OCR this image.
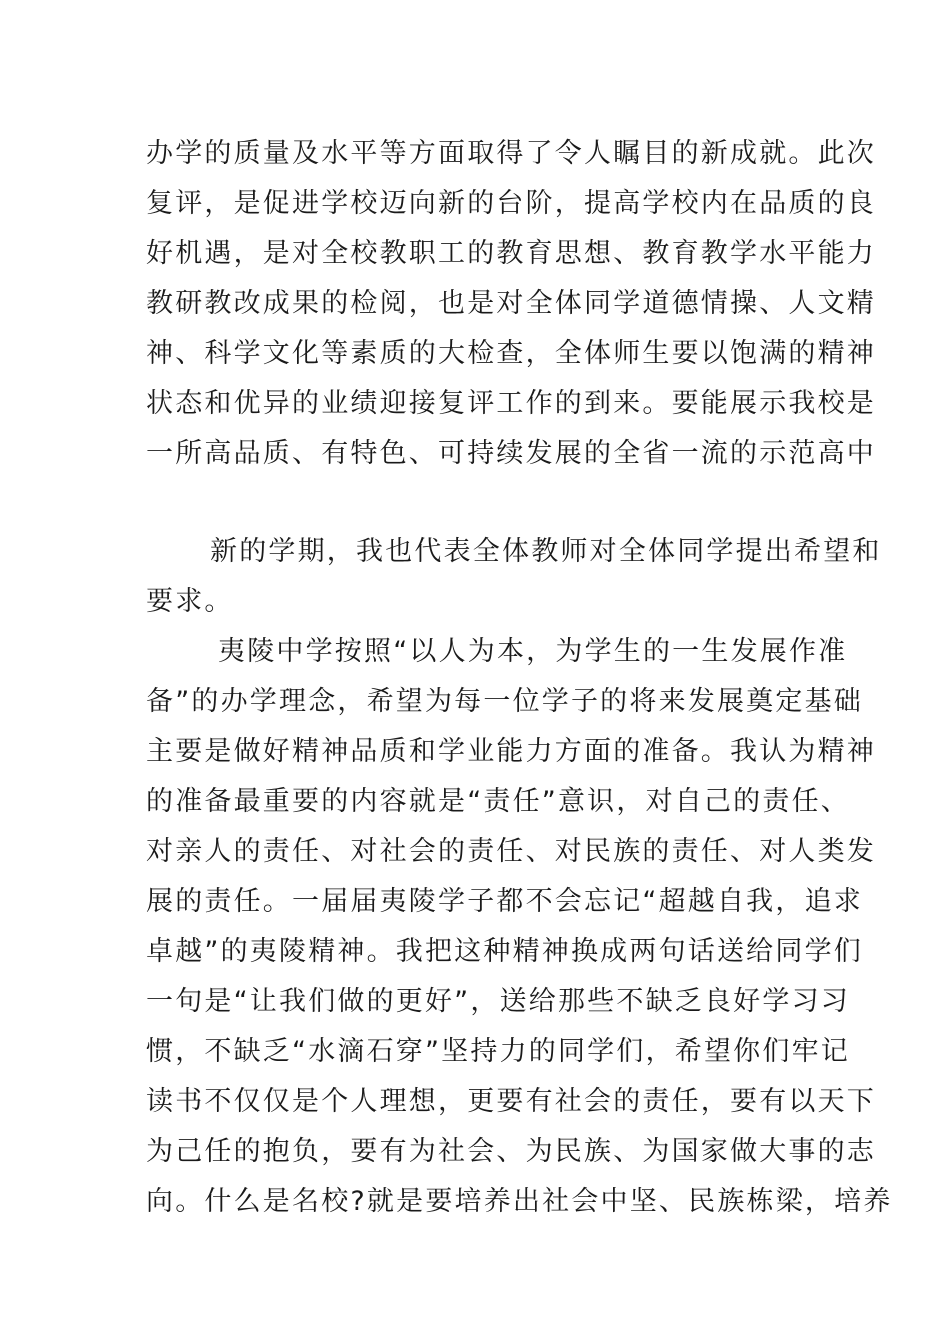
办学的质量及水平等方面取得了令人瞩目的新成就。此次
复评，是促进学校迈向新的台阶，提高学校内在品质的良
好机遇，是对全校教职工的教育思想、教育教学水平能力
教研教改成果的检阅，也是对全体同学道德情操、人文精
神、科学文化等素质的大检查，全体师生要以饱满的精神
状态和优异的业绩迎接复评工作的到来。要能展示我校是
一所高品质、有特色、可持续发展的全省一流的示范高中
新的学期，我也代表全体教师对全体同学提出希望和
要求。
夷陵中学按照“以人为本，为学生的一生发展作准
备”的办学理念，希望为每一位学子的将来发展奠定基础
主要是做好精神品质和学业能力方面的准备。我认为精神
的准备最重要的内容就是“责任”意识，对自己的责任、
对亲人的责任、对社会的责任、对民族的责任、对人类发
展的责任。一届届夷陵学子都不会忘记“超越自我，追求
卓越”的夷陵精神。我把这种精神换成两句话送给同学们
一句是“让我们做的更好”，送给那些不缺乏良好学习习
惯，不缺乏“水滴石穿”坚持力的同学们，希望你们牢记
读书不仅仅是个人理想，更要有社会的责任，要有以天下
为己任的抱负，要有为社会、为民族、为国家做大事的志
向。什么是名校?就是要培养出社会中坚、民族栋梁，培养
